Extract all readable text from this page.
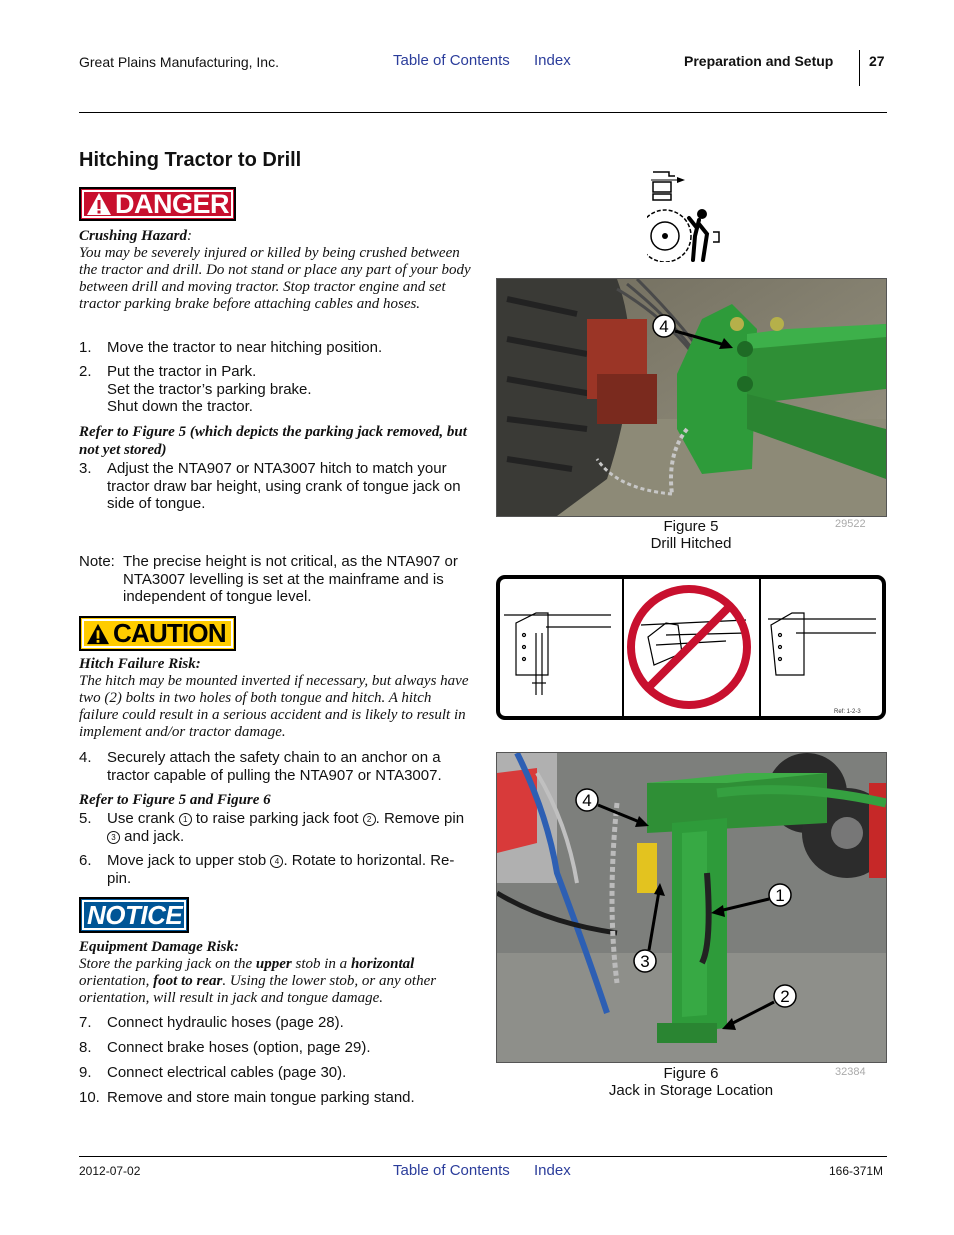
Great Plains Manufacturing, Inc.	Table of Contents Index	Preparation and Setup	27
Hitching Tractor to Drill
DANGER
Crushing Hazard:
You may be severely injured or killed by being crushed between the tractor and drill. Do not stand or place any part of your body between drill and moving tractor. Stop tractor engine and set tractor parking brake before attaching cables and hoses.
1. Move the tractor to near hitching position.
2. Put the tractor in Park.
Set the tractor’s parking brake.
Shut down the tractor.
Refer to Figure 5 (which depicts the parking jack removed, but not yet stored)
3. Adjust the NTA907 or NTA3007 hitch to match your tractor draw bar height, using crank of tongue jack on side of tongue.
Note: The precise height is not critical, as the NTA907 or NTA3007 levelling is set at the mainframe and is independent of tongue level.
CAUTION
Hitch Failure Risk:
The hitch may be mounted inverted if necessary, but always have two (2) bolts in two holes of both tongue and hitch. A hitch failure could result in a serious accident and is likely to result in implement and/or tractor damage.
4. Securely attach the safety chain to an anchor on a tractor capable of pulling the NTA907 or NTA3007.
Refer to Figure 5 and Figure 6
5. Use crank 1 to raise parking jack foot 2 . Remove pin 3 and jack.
6. Move jack to upper stob 4 . Rotate to horizontal. Re-pin.
NOTICE
Equipment Damage Risk:
Store the parking jack on the upper stob in a horizontal orientation, foot to rear. Using the lower stob, or any other orientation, will result in jack and tongue damage.
7. Connect hydraulic hoses (page 28).
8. Connect brake hoses (option, page 29).
9. Connect electrical cables (page 30).
10. Remove and store main tongue parking stand.
4
Figure 5
Drill Hitched
29522
Ref: 1-2-3
4
1
3
2
Figure 6
Jack in Storage Location
32384
2012-07-02	Table of Contents Index	166-371M
